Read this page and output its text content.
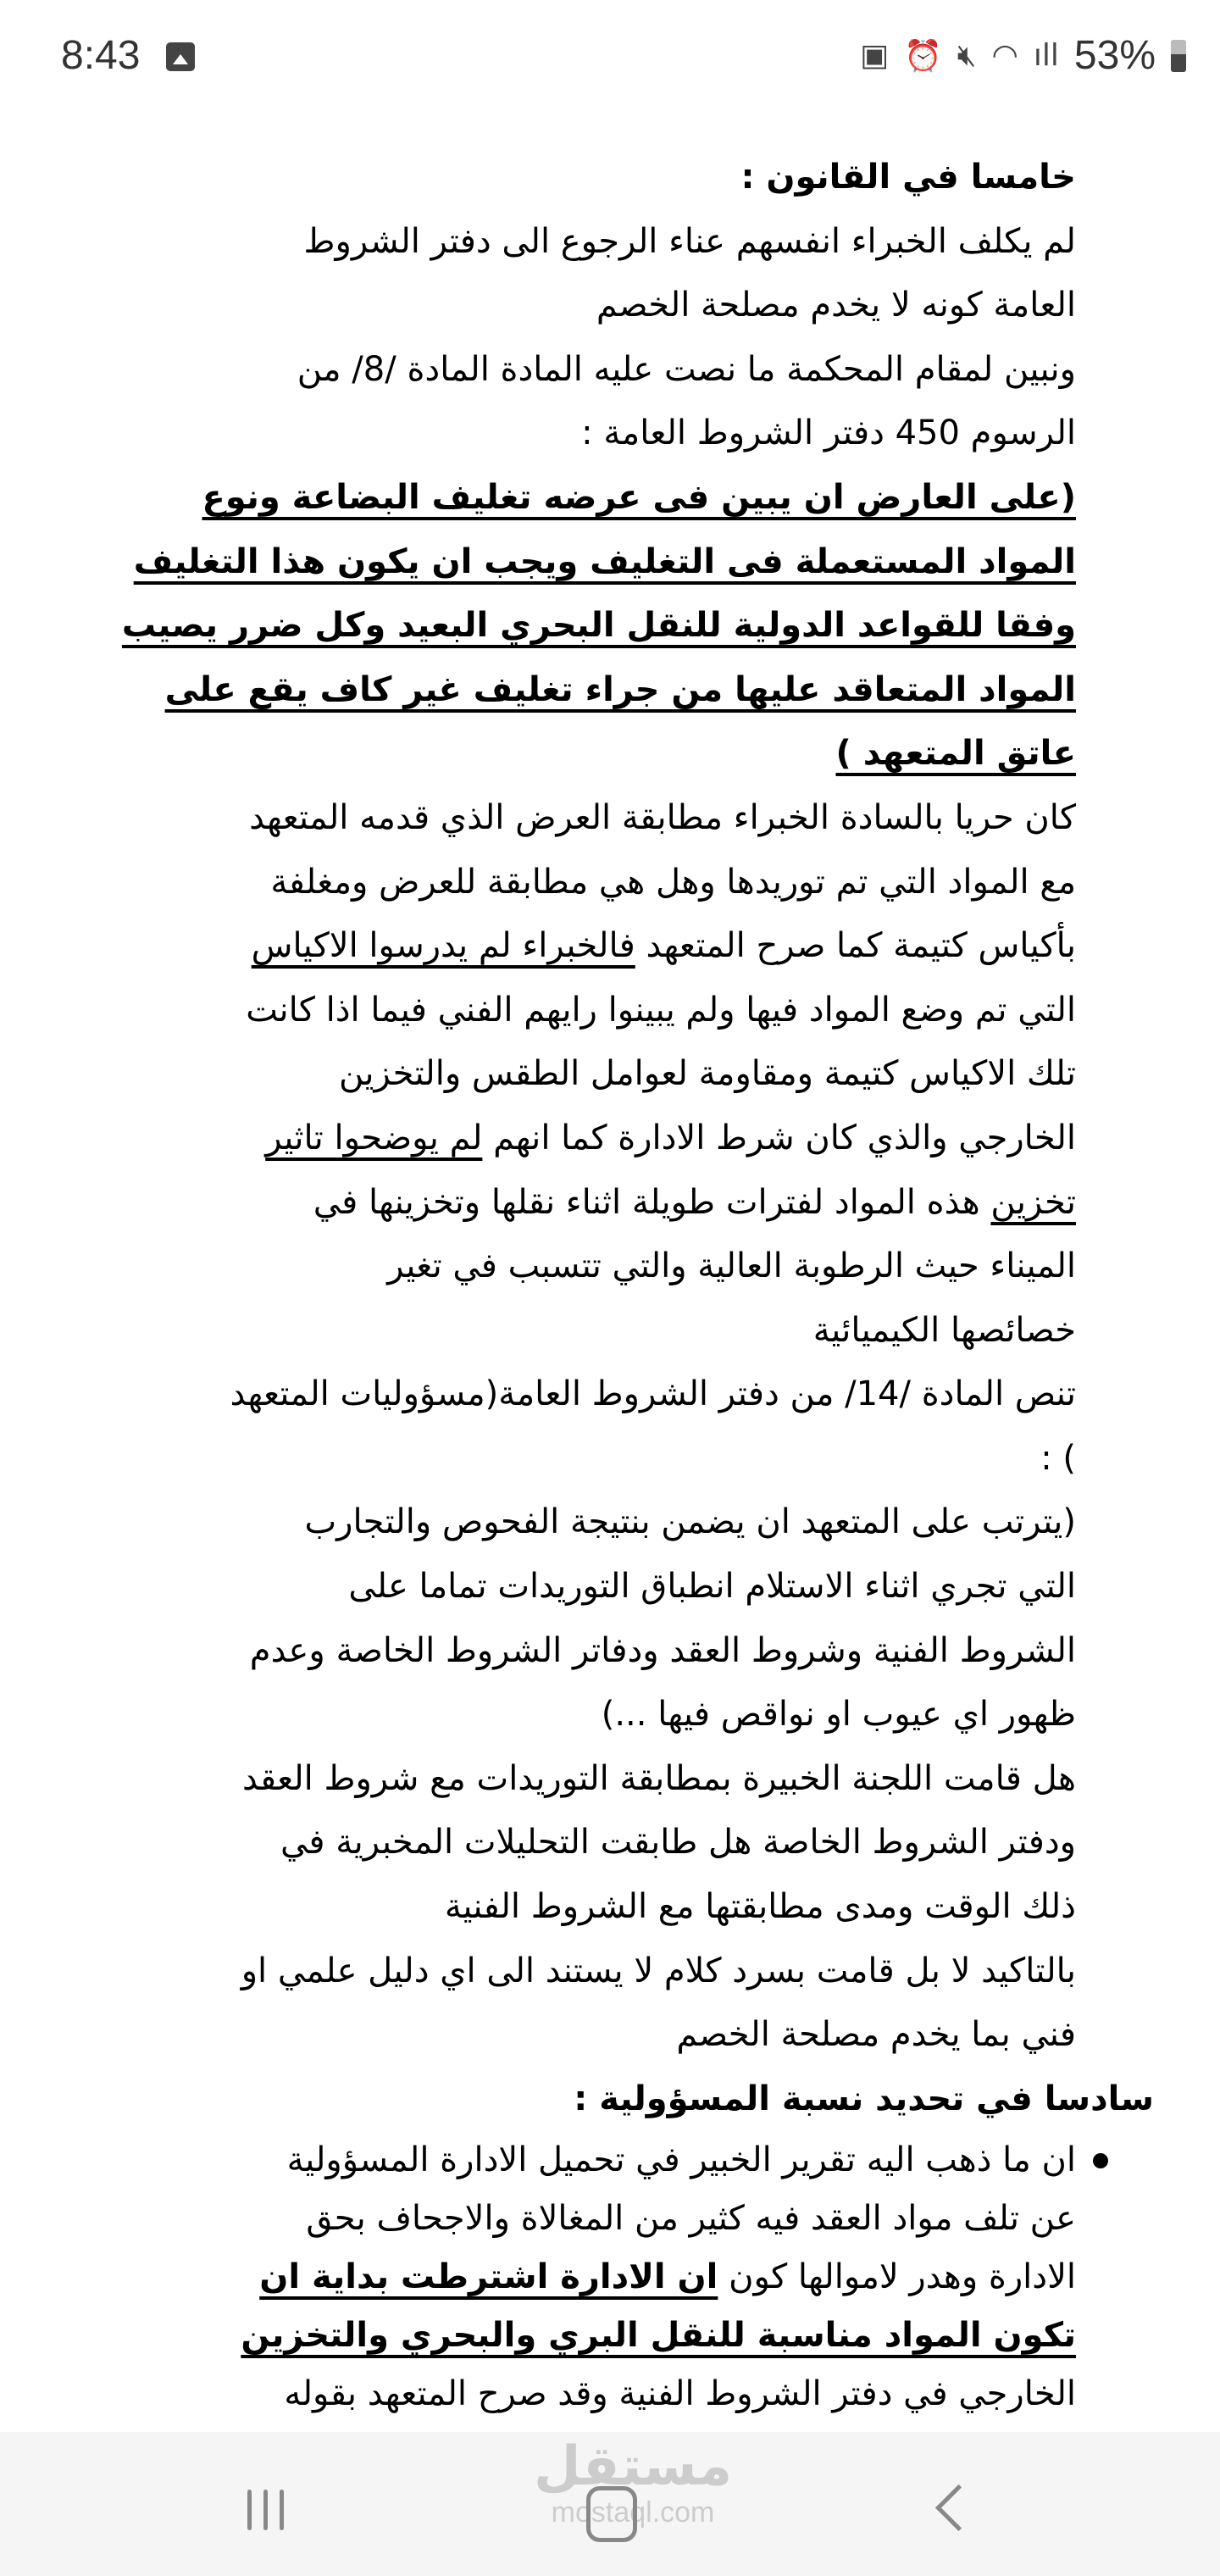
8:43	▣ ⏰ 🔇︎ ◠ ıll 53%
خامسا في القانون :
لم يكلف الخبراء انفسهم عناء الرجوع الى دفتر الشروط
العامة كونه لا يخدم مصلحة الخصم
ونبين لمقام المحكمة ما نصت عليه المادة المادة /8/ من
الرسوم 450 دفتر الشروط العامة :
(على العارض ان يبين فى عرضه تغليف البضاعة ونوع
المواد المستعملة فى التغليف ويجب ان يكون هذا التغليف
وفقا للقواعد الدولية للنقل البحري البعيد وكل ضرر يصيب
المواد المتعاقد عليها من جراء تغليف غير كاف يقع على
عاتق المتعهد )
كان حريا بالسادة الخبراء مطابقة العرض الذي قدمه المتعهد
مع المواد التي تم توريدها وهل هي مطابقة للعرض ومغلفة
بأكياس كتيمة كما صرح المتعهد فالخبراء لم يدرسوا الاكياس
التي تم وضع المواد فيها ولم يبينوا رايهم الفني فيما اذا كانت
تلك الاكياس كتيمة ومقاومة لعوامل الطقس والتخزين
الخارجي والذي كان شرط الادارة كما انهم لم يوضحوا تاثير
تخزين هذه المواد لفترات طويلة اثناء نقلها وتخزينها في
الميناء حيث الرطوبة العالية والتي تتسبب في تغير
خصائصها الكيميائية
تنص المادة /14/ من دفتر الشروط العامة(مسؤوليات المتعهد
) :
(يترتب على المتعهد ان يضمن بنتيجة الفحوص والتجارب
التي تجري اثناء الاستلام انطباق التوريدات تماما على
الشروط الفنية وشروط العقد ودفاتر الشروط الخاصة وعدم
ظهور اي عيوب او نواقص فيها ...)
هل قامت اللجنة الخبيرة بمطابقة التوريدات مع شروط العقد
ودفتر الشروط الخاصة هل طابقت التحليلات المخبرية في
ذلك الوقت ومدى مطابقتها مع الشروط الفنية
بالتاكيد لا بل قامت بسرد كلام لا يستند الى اي دليل علمي او
فني بما يخدم مصلحة الخصم
سادسا في تحديد نسبة المسؤولية :
ان ما ذهب اليه تقرير الخبير في تحميل الادارة المسؤولية
عن تلف مواد العقد فيه كثير من المغالاة والاجحاف بحق
الادارة وهدر لاموالها كون ان الادارة اشترطت بداية ان
تكون المواد مناسبة للنقل البري والبحري والتخزين
الخارجي في دفتر الشروط الفنية وقد صرح المتعهد بقوله
مستقل
mostaql.com
